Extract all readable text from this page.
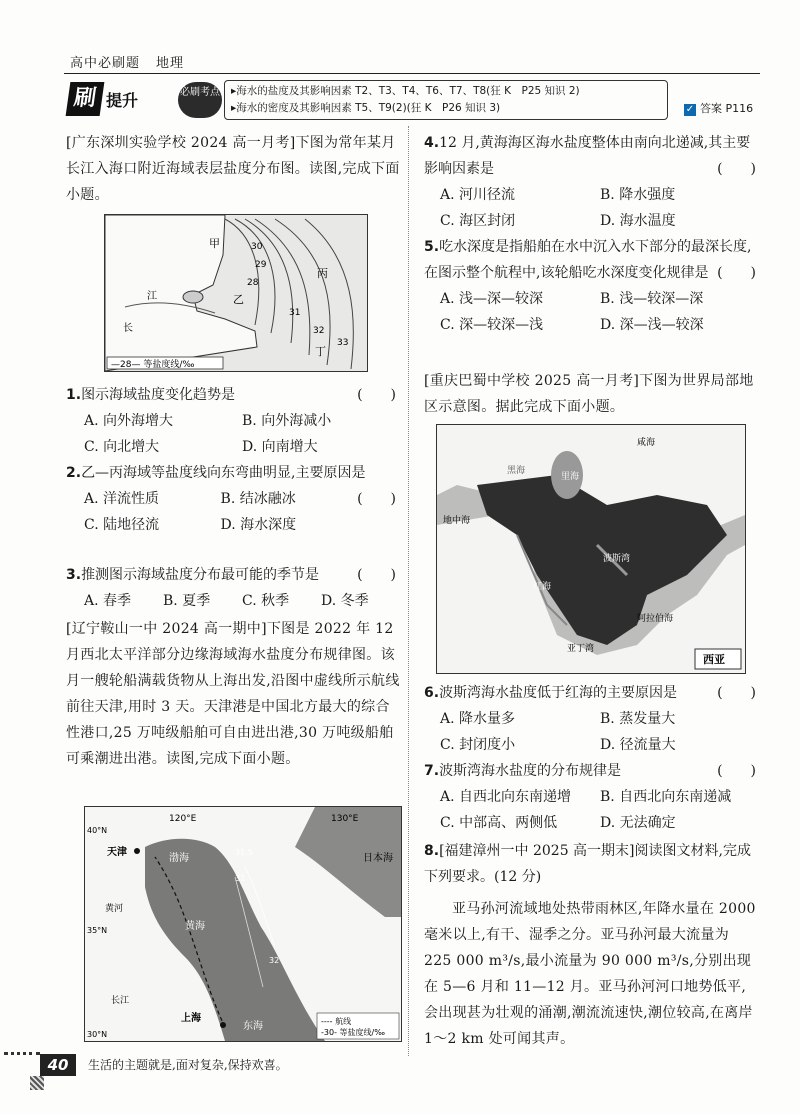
高中必刷题 地理
刷 提升	必刷考点 ▸海水的盐度及其影响因素 T2、T3、T4、T6、T7、T8(狂 K　P25 知识 2)
▸海水的密度及其影响因素 T5、T9(2)(狂 K　P26 知识 3)	✓ 答案 P116
[广东深圳实验学校 2024 高一月考]下图为常年某月长江入海口附近海域表层盐度分布图。读图,完成下面小题。
甲
丙
乙
丁
江
长
30
29
28
31
32
33
—28— 等盐度线/‰
1.图示海域盐度变化趋势是	(　　)
A. 向外海增大	B. 向外海减小
C. 向北增大	D. 向南增大
2.乙—丙海域等盐度线向东弯曲明显,主要原因是
(　　)
A. 洋流性质	B. 结冰融冰
C. 陆地径流	D. 海水深度
3.推测图示海域盐度分布最可能的季节是	(　　)
A. 春季	B. 夏季	C. 秋季	D. 冬季
[辽宁鞍山一中 2024 高一期中]下图是 2022 年 12 月西北太平洋部分边缘海域海水盐度分布规律图。该月一艘轮船满载货物从上海出发,沿图中虚线所示航线前往天津,用时 3 天。天津港是中国北方最大的综合性港口,25 万吨级船舶可自由进出港,30 万吨级船舶可乘潮进出港。读图,完成下面小题。
120°E	130°E
40°N
35°N
30°N
天津
上海
渤海
黄海
东海
日本海
黄河
长江
31.5
31
32
---- 航线
-30- 等盐度线/‰
4.12 月,黄海海区海水盐度整体由南向北递减,其主要影响因素是	(　　)
A. 河川径流	B. 降水强度
C. 海区封闭	D. 海水温度
5.吃水深度是指船舶在水中沉入水下部分的最深长度,在图示整个航程中,该轮船吃水深度变化规律是 (　　)
A. 浅—深—较深	B. 浅—较深—深
C. 深—较深—浅	D. 深—浅—较深
[重庆巴蜀中学校 2025 高一月考]下图为世界局部地区示意图。据此完成下面小题。
西亚
咸海
地中海
黑海
里海
红海
阿拉伯海
波斯湾
亚丁湾
6.波斯湾海水盐度低于红海的主要原因是	(　　)
A. 降水量多	B. 蒸发量大
C. 封闭度小	D. 径流量大
7.波斯湾海水盐度的分布规律是	(　　)
A. 自西北向东南递增	B. 自西北向东南递减
C. 中部高、两侧低	D. 无法确定
8.[福建漳州一中 2025 高一期末]阅读图文材料,完成下列要求。(12 分)
亚马孙河流域地处热带雨林区,年降水量在 2000 毫米以上,有干、湿季之分。亚马孙河最大流量为 225 000 m³/s,最小流量为 90 000 m³/s,分别出现在 5—6 月和 11—12 月。亚马孙河河口地势低平,会出现甚为壮观的涌潮,潮流流速快,潮位较高,在离岸 1～2 km 处可闻其声。
40	生活的主题就是,面对复杂,保持欢喜。
